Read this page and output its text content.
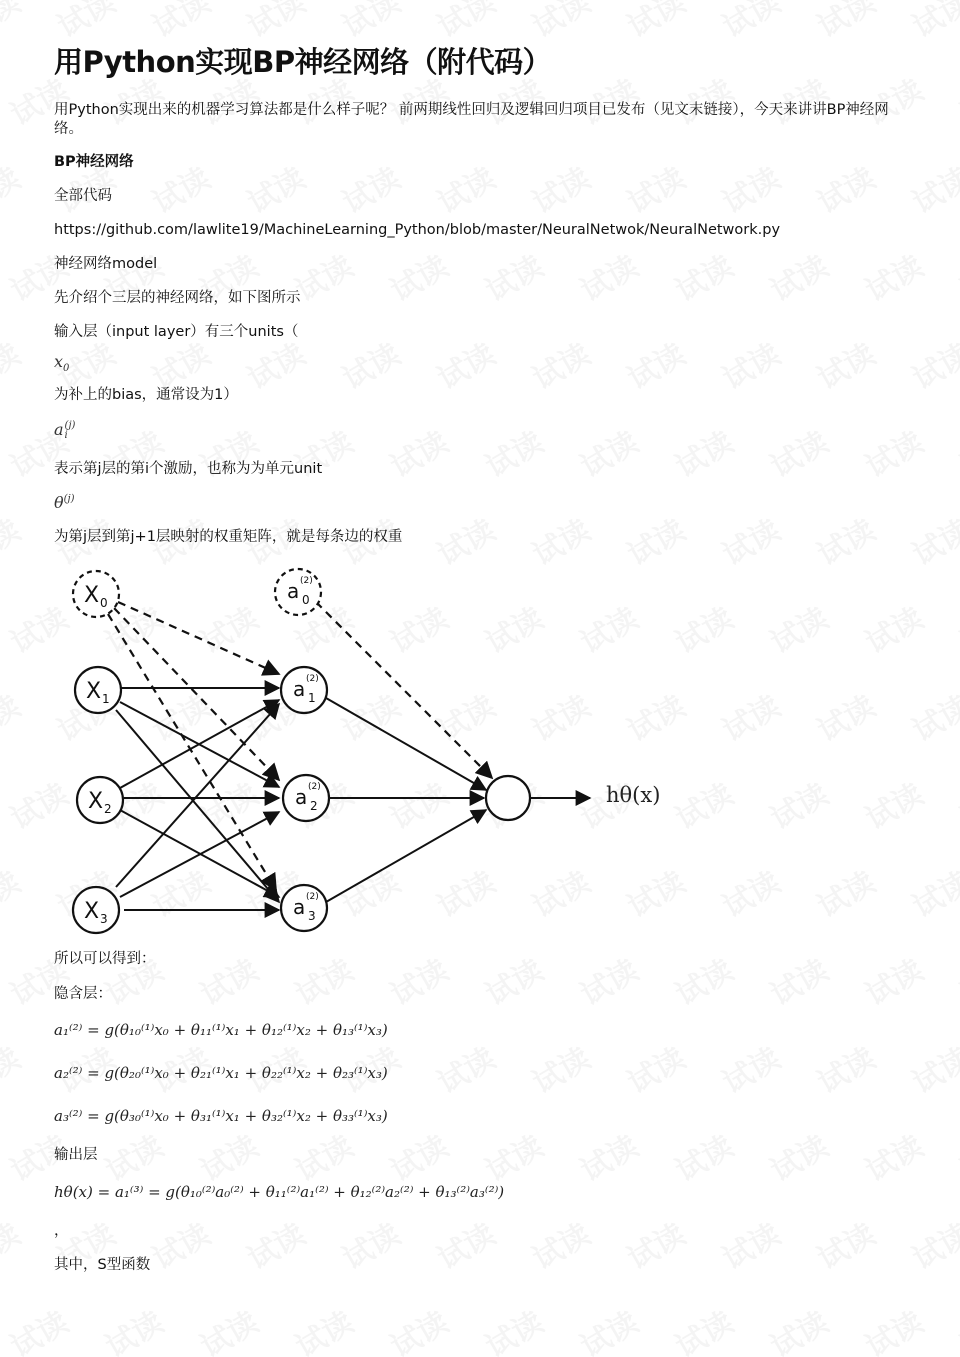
用Python实现BP神经网络（附代码）

用Python实现出来的机器学习算法都是什么样子呢？ 前两期线性回归及逻辑回归项目已发布（见文末链接），今天来讲讲BP神经网络。

BP神经网络

全部代码

https://github.com/lawlite19/MachineLearning_Python/blob/master/NeuralNetwok/NeuralNetwork.py

神经网络model

先介绍个三层的神经网络，如下图所示

输入层（input layer）有三个units（

$x_0$

为补上的bias，通常设为1）

a (j)
i

表示第j层的第i个激励，也称为为单元unit

$\theta^{(j)}$

为第j层到第j+1层映射的权重矩阵，就是每条边的权重

X 0
X 1
X 2
X 3
a (2)
0
a (2)
1
a (2)
2
a (2)
3
hθ(x)

所以可以得到：

隐含层：

a₁⁽²⁾ = g(θ₁₀⁽¹⁾x₀ + θ₁₁⁽¹⁾x₁ + θ₁₂⁽¹⁾x₂ + θ₁₃⁽¹⁾x₃)
a₂⁽²⁾ = g(θ₂₀⁽¹⁾x₀ + θ₂₁⁽¹⁾x₁ + θ₂₂⁽¹⁾x₂ + θ₂₃⁽¹⁾x₃)
a₃⁽²⁾ = g(θ₃₀⁽¹⁾x₀ + θ₃₁⁽¹⁾x₁ + θ₃₂⁽¹⁾x₂ + θ₃₃⁽¹⁾x₃)

输出层

hθ(x) = a₁⁽³⁾ = g(θ₁₀⁽²⁾a₀⁽²⁾ + θ₁₁⁽²⁾a₁⁽²⁾ + θ₁₂⁽²⁾a₂⁽²⁾ + θ₁₃⁽²⁾a₃⁽²⁾)

，

其中，S型函数
